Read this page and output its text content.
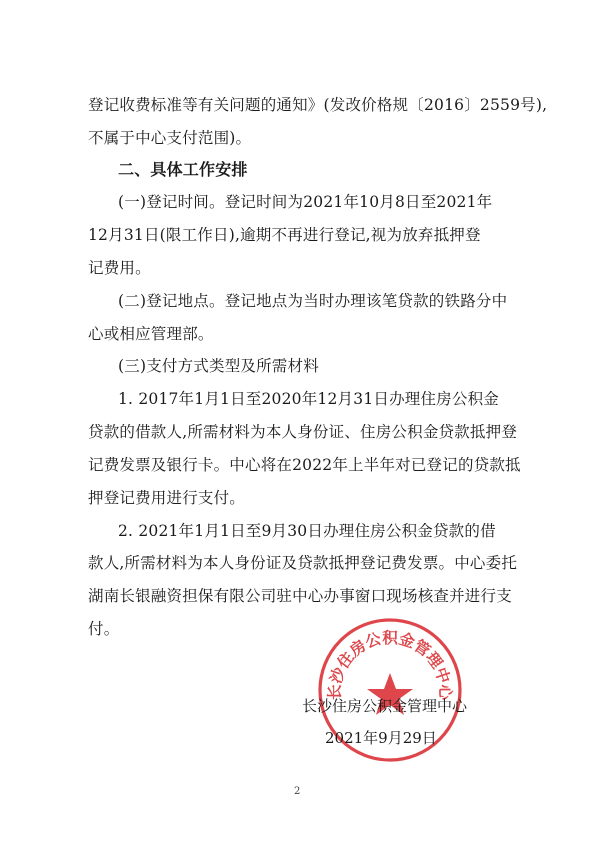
登记收费标准等有关问题的通知》(发改价格规〔2016〕2559号),
不属于中心支付范围)。
二、具体工作安排
(一)登记时间。登记时间为2021年10月8日至2021年
12月31日(限工作日),逾期不再进行登记,视为放弃抵押登
记费用。
(二)登记地点。登记地点为当时办理该笔贷款的铁路分中
心或相应管理部。
(三)支付方式类型及所需材料
1. 2017年1月1日至2020年12月31日办理住房公积金
贷款的借款人,所需材料为本人身份证、住房公积金贷款抵押登
记费发票及银行卡。中心将在2022年上半年对已登记的贷款抵
押登记费用进行支付。
2. 2021年1月1日至9月30日办理住房公积金贷款的借
款人,所需材料为本人身份证及贷款抵押登记费发票。中心委托
湖南长银融资担保有限公司驻中心办事窗口现场核查并进行支
付。
长沙住房公积金管理中心
长沙住房公积金管理中心
2021年9月29日
2
